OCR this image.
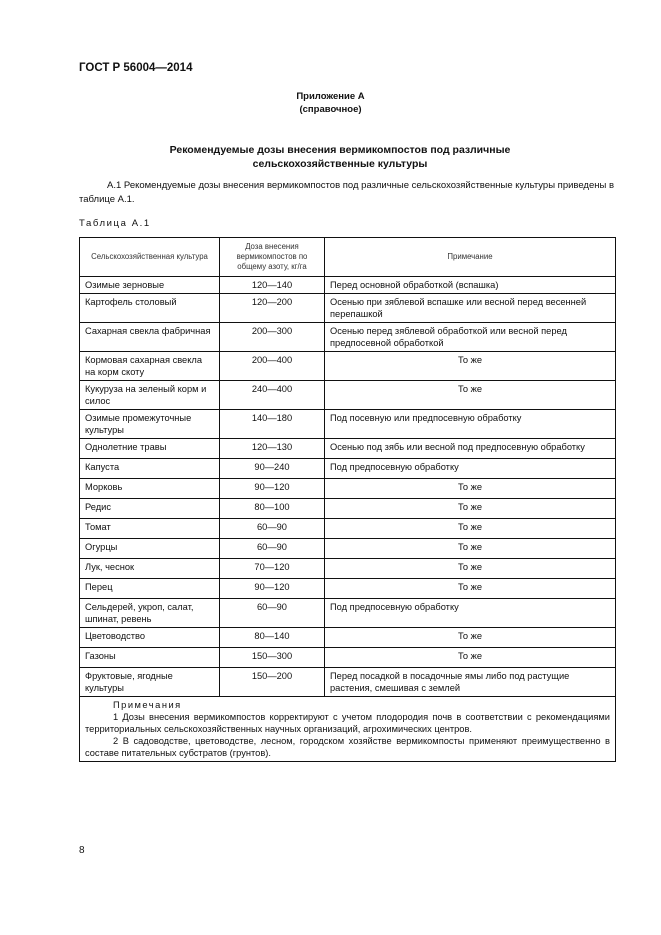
ГОСТ Р 56004—2014
Приложение А
(справочное)
Рекомендуемые дозы внесения вермикомпостов под различные
сельскохозяйственные культуры
А.1 Рекомендуемые дозы внесения вермикомпостов под различные сельскохозяйственные культуры приведены в таблице А.1.
Таблица А.1
Сельскохозяйственная культура	Доза внесения вермикомпостов по общему азоту, кг/га	Примечание
Озимые зерновые	120—140	Перед основной обработкой (вспашка)
Картофель столовый	120—200	Осенью при зяблевой вспашке или весной перед весенней перепашкой
Сахарная свекла фабричная	200—300	Осенью перед зяблевой обработкой или весной перед предпосевной обработкой
Кормовая сахарная свекла на корм скоту	200—400	То же
Кукуруза на зеленый корм и силос	240—400	То же
Озимые промежуточные культуры	140—180	Под посевную или предпосевную обработку
Однолетние травы	120—130	Осенью под зябь или весной под предпосевную обработку
Капуста	90—240	Под предпосевную обработку
Морковь	90—120	То же
Редис	80—100	То же
Томат	60—90	То же
Огурцы	60—90	То же
Лук, чеснок	70—120	То же
Перец	90—120	То же
Сельдерей, укроп, салат, шпинат, ревень	60—90	Под предпосевную обработку
Цветоводство	80—140	То же
Газоны	150—300	То же
Фруктовые, ягодные культуры	150—200	Перед посадкой в посадочные ямы либо под растущие растения, смешивая с землей

Примечания
1 Дозы внесения вермикомпостов корректируют с учетом плодородия почв в соответствии с рекомендациями территориальных сельскохозяйственных научных организаций, агрохимических центров.
2 В садоводстве, цветоводстве, лесном, городском хозяйстве вермикомпосты применяют преимущественно в составе питательных субстратов (грунтов).		
8
